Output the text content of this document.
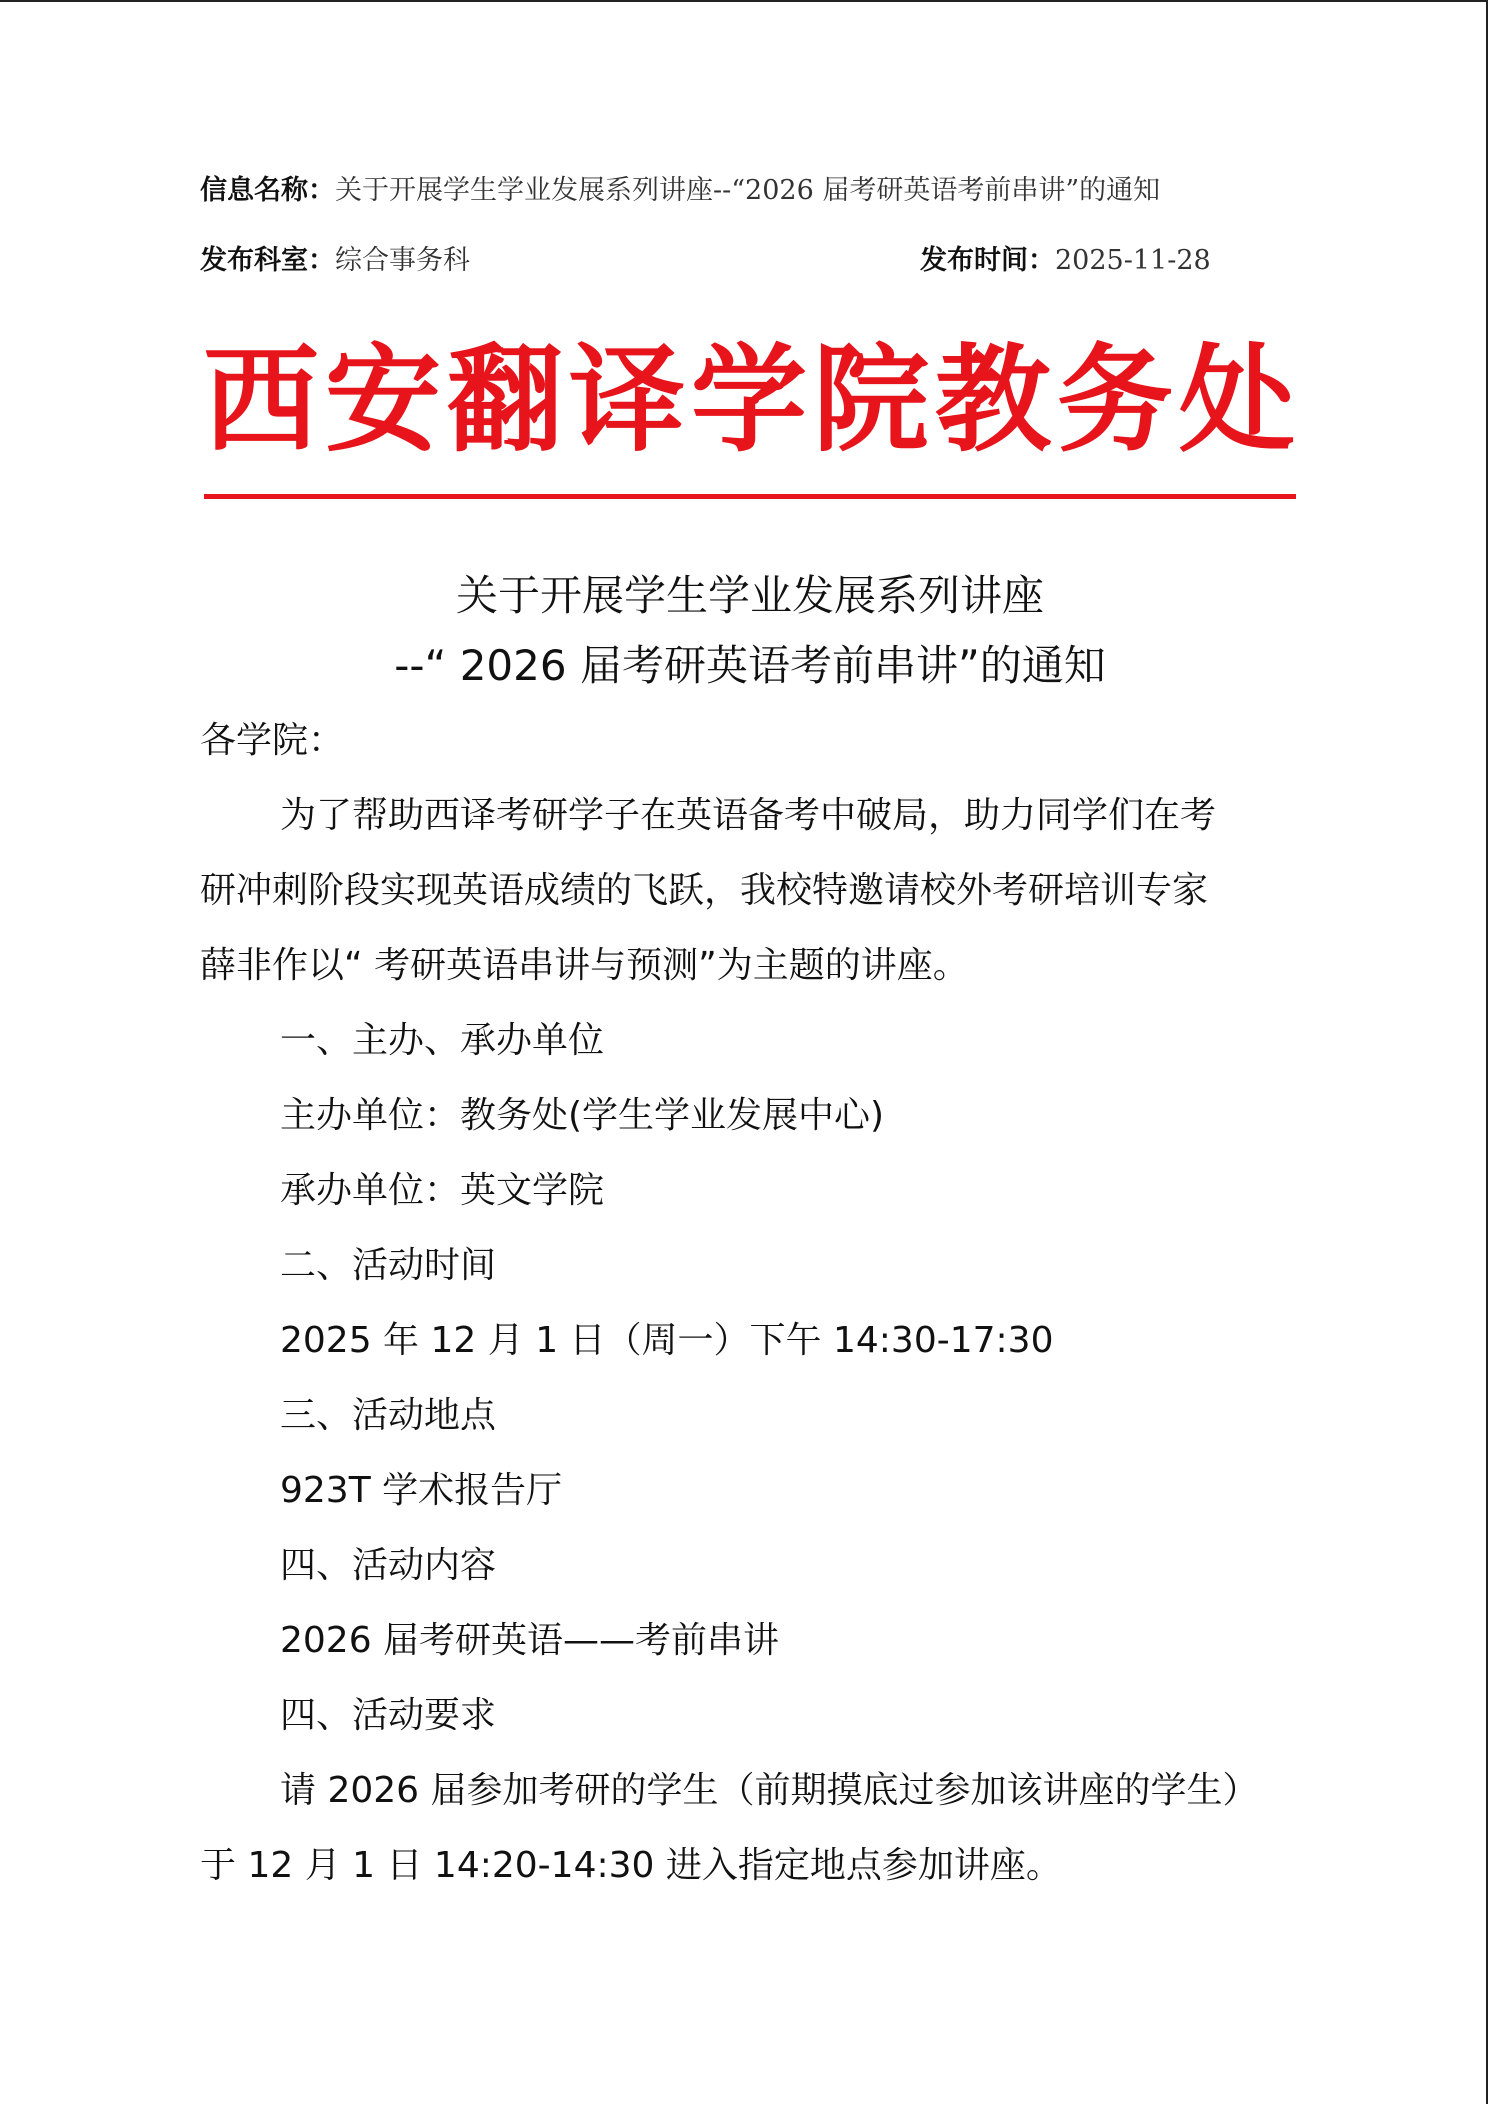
信息名称：关于开展学生学业发展系列讲座--“2026 届考研英语考前串讲”的通知
发布科室：综合事务科	发布时间：2025-11-28
西安翻译学院教务处
关于开展学生学业发展系列讲座
--“ 2026 届考研英语考前串讲”的通知
各学院：
为了帮助西译考研学子在英语备考中破局，助力同学们在考
研冲刺阶段实现英语成绩的飞跃，我校特邀请校外考研培训专家
薛非作以“ 考研英语串讲与预测”为主题的讲座。
一、主办、承办单位
主办单位：教务处(学生学业发展中心)
承办单位：英文学院
二、活动时间
2025 年 12 月 1 日（周一）下午 14:30-17:30
三、活动地点
923T 学术报告厅
四、活动内容
2026 届考研英语——考前串讲
四、活动要求
请 2026 届参加考研的学生（前期摸底过参加该讲座的学生）
于 12 月 1 日 14:20-14:30 进入指定地点参加讲座。
